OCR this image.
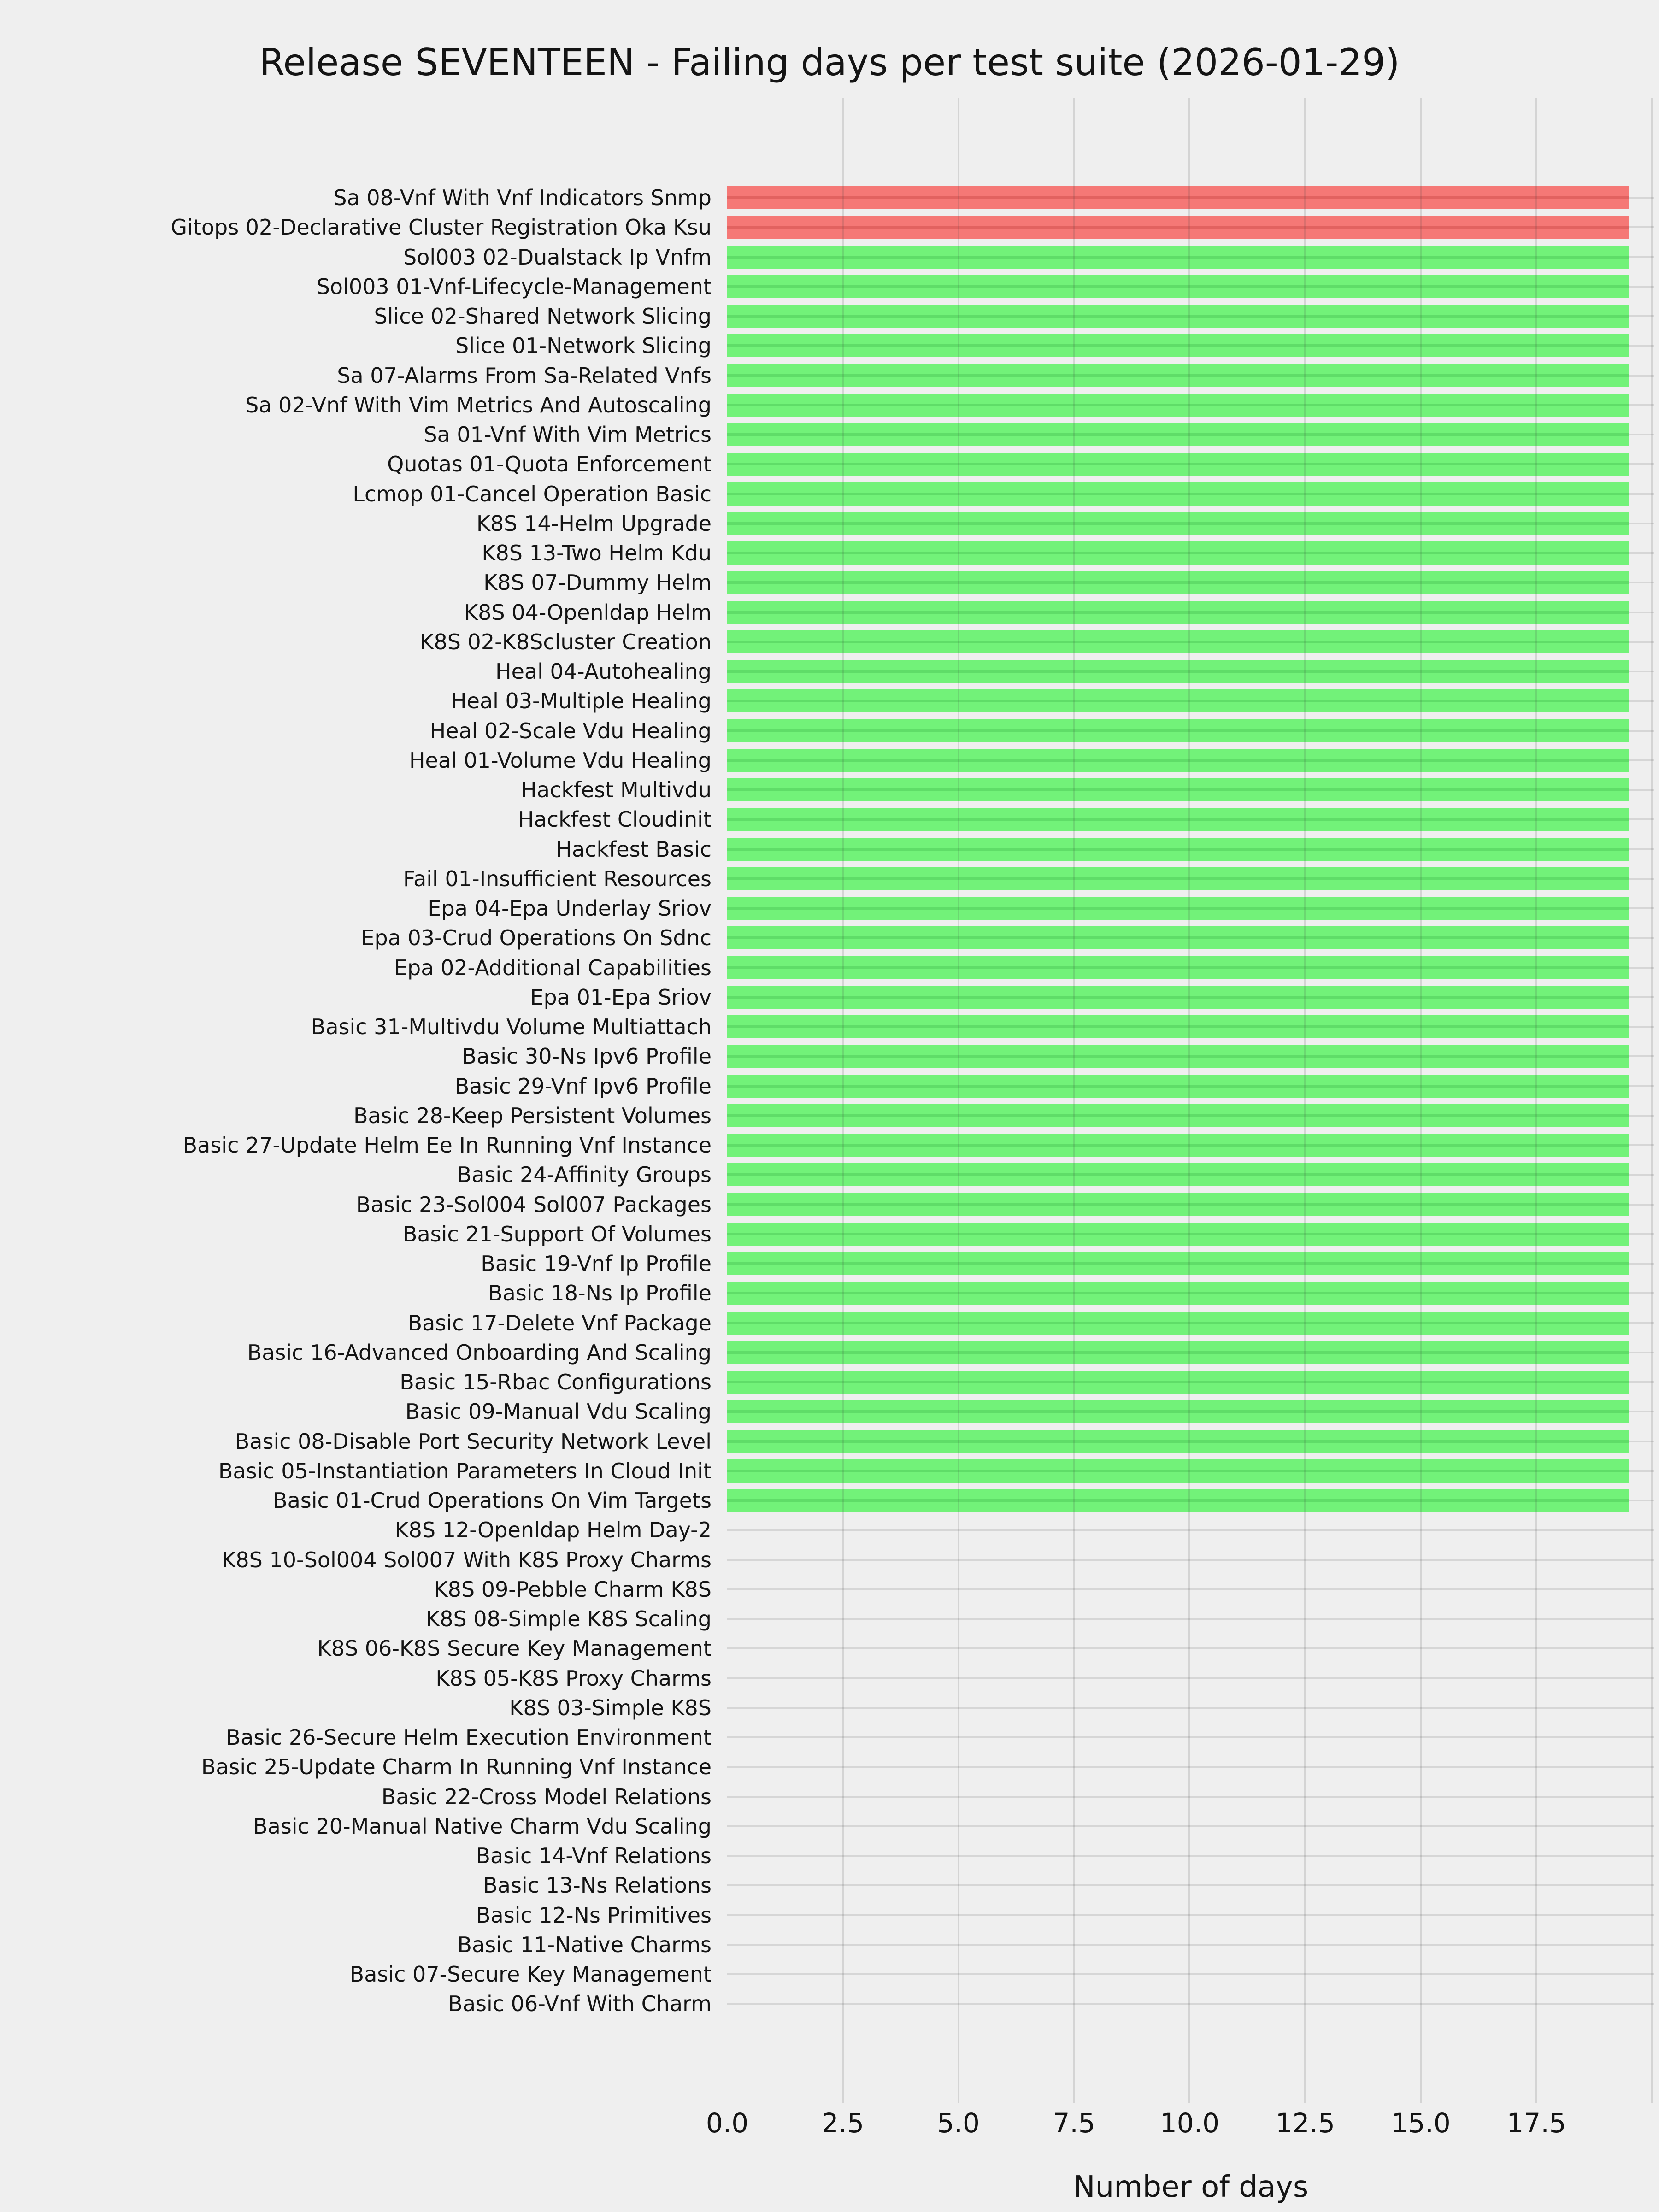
Release SEVENTEEN - Failing days per test suite (2026-01-29)
Sa 08-Vnf With Vnf Indicators Snmp
Gitops 02-Declarative Cluster Registration Oka Ksu
Sol003 02-Dualstack Ip Vnfm
Sol003 01-Vnf-Lifecycle-Management
Slice 02-Shared Network Slicing
Slice 01-Network Slicing
Sa 07-Alarms From Sa-Related Vnfs
Sa 02-Vnf With Vim Metrics And Autoscaling
Sa 01-Vnf With Vim Metrics
Quotas 01-Quota Enforcement
Lcmop 01-Cancel Operation Basic
K8S 14-Helm Upgrade
K8S 13-Two Helm Kdu
K8S 07-Dummy Helm
K8S 04-Openldap Helm
K8S 02-K8Scluster Creation
Heal 04-Autohealing
Heal 03-Multiple Healing
Heal 02-Scale Vdu Healing
Heal 01-Volume Vdu Healing
Hackfest Multivdu
Hackfest Cloudinit
Hackfest Basic
Fail 01-Insufficient Resources
Epa 04-Epa Underlay Sriov
Epa 03-Crud Operations On Sdnc
Epa 02-Additional Capabilities
Epa 01-Epa Sriov
Basic 31-Multivdu Volume Multiattach
Basic 30-Ns Ipv6 Profile
Basic 29-Vnf Ipv6 Profile
Basic 28-Keep Persistent Volumes
Basic 27-Update Helm Ee In Running Vnf Instance
Basic 24-Affinity Groups
Basic 23-Sol004 Sol007 Packages
Basic 21-Support Of Volumes
Basic 19-Vnf Ip Profile
Basic 18-Ns Ip Profile
Basic 17-Delete Vnf Package
Basic 16-Advanced Onboarding And Scaling
Basic 15-Rbac Configurations
Basic 09-Manual Vdu Scaling
Basic 08-Disable Port Security Network Level
Basic 05-Instantiation Parameters In Cloud Init
Basic 01-Crud Operations On Vim Targets
K8S 12-Openldap Helm Day-2
K8S 10-Sol004 Sol007 With K8S Proxy Charms
K8S 09-Pebble Charm K8S
K8S 08-Simple K8S Scaling
K8S 06-K8S Secure Key Management
K8S 05-K8S Proxy Charms
K8S 03-Simple K8S
Basic 26-Secure Helm Execution Environment
Basic 25-Update Charm In Running Vnf Instance
Basic 22-Cross Model Relations
Basic 20-Manual Native Charm Vdu Scaling
Basic 14-Vnf Relations
Basic 13-Ns Relations
Basic 12-Ns Primitives
Basic 11-Native Charms
Basic 07-Secure Key Management
Basic 06-Vnf With Charm
0.0	2.5	5.0	7.5	10.0	12.5	15.0	17.5
Number of days
